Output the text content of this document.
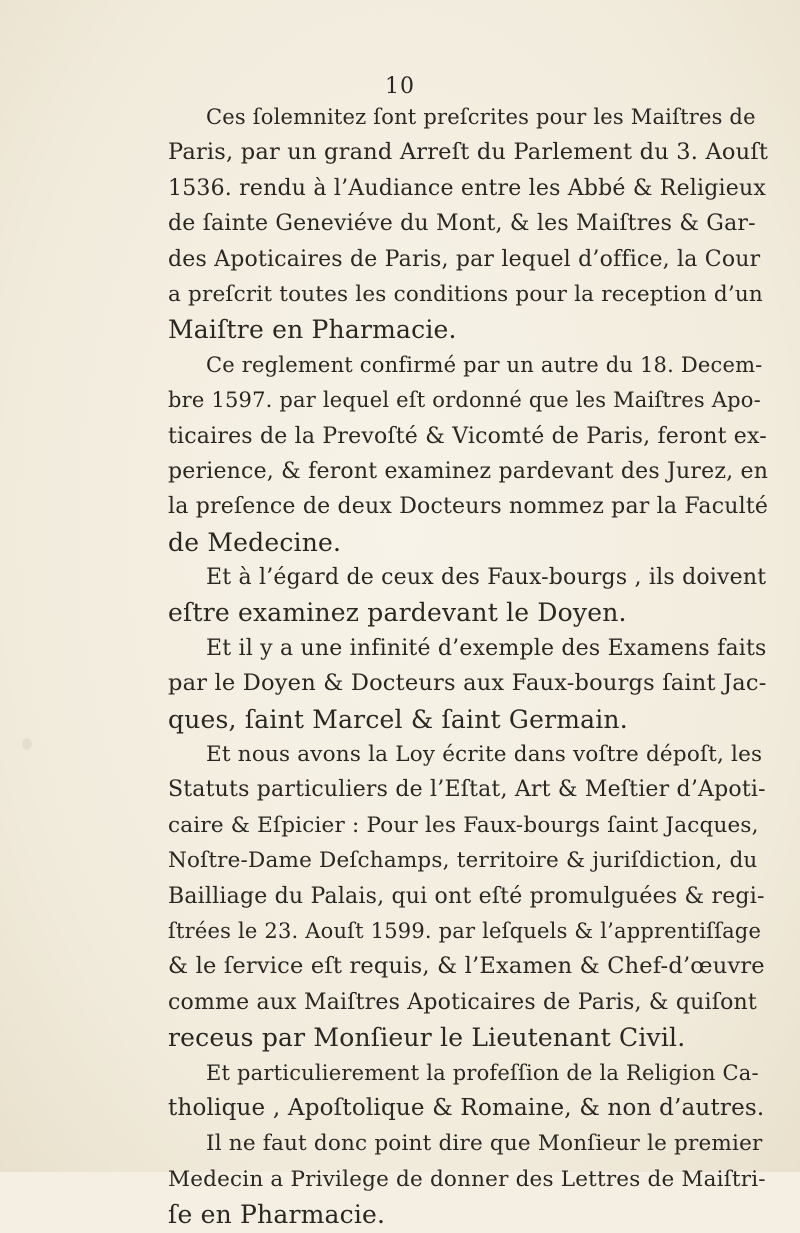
10
Ces ſolemnitez ſont preſcrites pour les Maiſtres de
Paris, par un grand Arreſt du Parlement du 3. Aouſt
1536. rendu à l’Audiance entre les Abbé & Religieux
de ſainte Geneviéve du Mont, & les Maiſtres & Gar-
des Apoticaires de Paris, par lequel d’office, la Cour
a preſcrit toutes les conditions pour la reception d’un
Maiſtre en Pharmacie.
Ce reglement confirmé par un autre du 18. Decem-
bre 1597. par lequel eſt ordonné que les Maiſtres Apo-
ticaires de la Prevoſté & Vicomté de Paris, feront ex-
perience, & feront examinez pardevant des Jurez, en
la preſence de deux Docteurs nommez par la Faculté
de Medecine.
Et à l’égard de ceux des Faux-bourgs , ils doivent
eſtre examinez pardevant le Doyen.
Et il y a une infinité d’exemple des Examens faits
par le Doyen & Docteurs aux Faux-bourgs ſaint Jac-
ques, ſaint Marcel & ſaint Germain.
Et nous avons la Loy écrite dans voſtre dépoſt, les
Statuts particuliers de l’Eſtat, Art & Meſtier d’Apoti-
caire & Eſpicier : Pour les Faux-bourgs ſaint Jacques,
Noſtre-Dame Deſchamps, territoire & juriſdiction, du
Bailliage du Palais, qui ont eſté promulguées & regi-
ſtrées le 23. Aouſt 1599. par leſquels & l’apprentiſſage
& le ſervice eſt requis, & l’Examen & Chef-d’œuvre
comme aux Maiſtres Apoticaires de Paris, & quiſont
receus par Monſieur le Lieutenant Civil.
Et particulierement la profeſſion de la Religion Ca-
tholique , Apoſtolique & Romaine, & non d’autres.
Il ne faut donc point dire que Monſieur le premier
Medecin a Privilege de donner des Lettres de Maiſtri-
ſe en Pharmacie.
